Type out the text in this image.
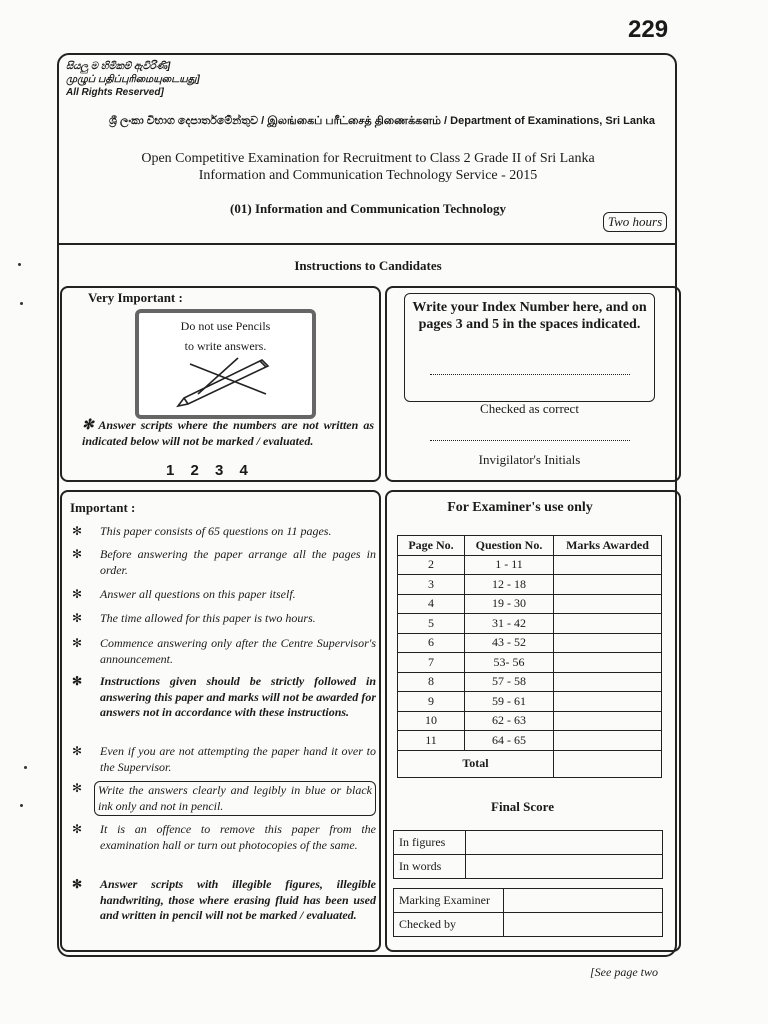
229
සියලු ම හිමිකම් ඇවිරිණි]
முழுப் பதிப்புரிமையுடையது]
All Rights Reserved]
ශ්‍රී ලංකා විභාග දෙපාර්තමේන්තුව / இலங்கைப் பரீட்சைத் திணைக்களம் / Department of Examinations, Sri Lanka
Open Competitive Examination for Recruitment to Class 2 Grade II of Sri Lanka
Information and Communication Technology Service - 2015
(01) Information and Communication Technology
Two hours
Instructions to Candidates
Very Important :
Do not use Pencils
to write answers.
✻ Answer scripts where the numbers are not written as indicated below will not be marked / evaluated.
1 2 3 4
Write your Index Number here, and on pages 3 and 5 in the spaces indicated.
Checked as correct
Invigilator's Initials
Important :
✻ This paper consists of 65 questions on 11 pages.
✻ Before answering the paper arrange all the pages in order.
✻ Answer all questions on this paper itself.
✻ The time allowed for this paper is two hours.
✻ Commence answering only after the Centre Supervisor's announcement.
✻ Instructions given should be strictly followed in answering this paper and marks will not be awarded for answers not in accordance with these instructions.
✻ Even if you are not attempting the paper hand it over to the Supervisor.
✻	Write the answers clearly and legibly in blue or black ink only and not in pencil.
✻ It is an offence to remove this paper from the examination hall or turn out photocopies of the same.
✻ Answer scripts with illegible figures, illegible handwriting, those where erasing fluid has been used and written in pencil will not be marked / evaluated.
For Examiner's use only
Page No.	Question No.	Marks Awarded
2	1 - 11	
3	12 - 18	
4	19 - 30	
5	31 - 42	
6	43 - 52	
7	53- 56	
8	57 - 58	
9	59 - 61	
10	62 - 63	
11	64 - 65	
Total		
Final Score
In figures	
In words	
Marking Examiner	
Checked by	
[See page two
